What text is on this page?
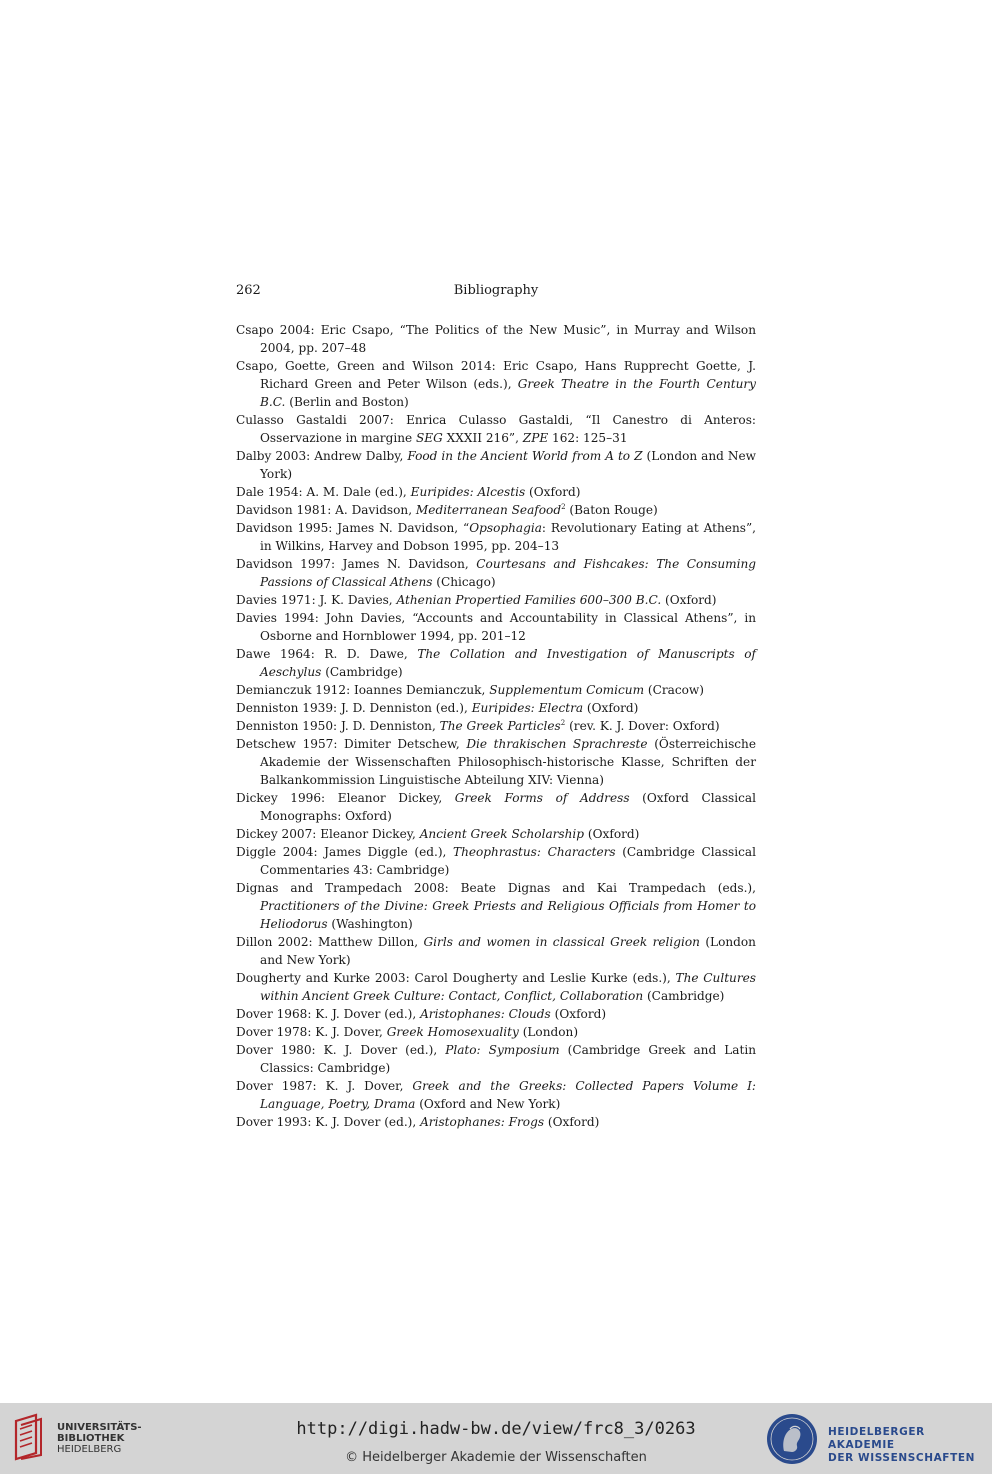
262	Bibliography
Csapo 2004: Eric Csapo, “The Politics of the New Music”, in Murray and Wilson 2004, pp. 207–48
Csapo, Goette, Green and Wilson 2014: Eric Csapo, Hans Rupprecht Goette, J. Richard Green and Peter Wilson (eds.), Greek Theatre in the Fourth Century B.C. (Berlin and Boston)
Culasso Gastaldi 2007: Enrica Culasso Gastaldi, “Il Canestro di Anteros: Osservazione in margine SEG XXXII 216”, ZPE 162: 125–31
Dalby 2003: Andrew Dalby, Food in the Ancient World from A to Z (London and New York)
Dale 1954: A. M. Dale (ed.), Euripides: Alcestis (Oxford)
Davidson 1981: A. Davidson, Mediterranean Seafood$^2$ (Baton Rouge)
Davidson 1995: James N. Davidson, “Opsophagia: Revolutionary Eating at Athens”, in Wilkins, Harvey and Dobson 1995, pp. 204–13
Davidson 1997: James N. Davidson, Courtesans and Fishcakes: The Consuming Passions of Classical Athens (Chicago)
Davies 1971: J. K. Davies, Athenian Propertied Families 600–300 B.C. (Oxford)
Davies 1994: John Davies, “Accounts and Accountability in Classical Athens”, in Osborne and Hornblower 1994, pp. 201–12
Dawe 1964: R. D. Dawe, The Collation and Investigation of Manuscripts of Aeschylus (Cambridge)
Demianczuk 1912: Ioannes Demianczuk, Supplementum Comicum (Cracow)
Denniston 1939: J. D. Denniston (ed.), Euripides: Electra (Oxford)
Denniston 1950: J. D. Denniston, The Greek Particles$^2$ (rev. K. J. Dover: Oxford)
Detschew 1957: Dimiter Detschew, Die thrakischen Sprachreste (Österreichische Akademie der Wissenschaften Philosophisch-historische Klasse, Schriften der Balkankommission Linguistische Abteilung XIV: Vienna)
Dickey 1996: Eleanor Dickey, Greek Forms of Address (Oxford Classical Monographs: Oxford)
Dickey 2007: Eleanor Dickey, Ancient Greek Scholarship (Oxford)
Diggle 2004: James Diggle (ed.), Theophrastus: Characters (Cambridge Classical Commentaries 43: Cambridge)
Dignas and Trampedach 2008: Beate Dignas and Kai Trampedach (eds.), Practitioners of the Divine: Greek Priests and Religious Officials from Homer to Heliodorus (Washington)
Dillon 2002: Matthew Dillon, Girls and women in classical Greek religion (London and New York)
Dougherty and Kurke 2003: Carol Dougherty and Leslie Kurke (eds.), The Cultures within Ancient Greek Culture: Contact, Conflict, Collaboration (Cambridge)
Dover 1968: K. J. Dover (ed.), Aristophanes: Clouds (Oxford)
Dover 1978: K. J. Dover, Greek Homosexuality (London)
Dover 1980: K. J. Dover (ed.), Plato: Symposium (Cambridge Greek and Latin Classics: Cambridge)
Dover 1987: K. J. Dover, Greek and the Greeks: Collected Papers Volume I: Language, Poetry, Drama (Oxford and New York)
Dover 1993: K. J. Dover (ed.), Aristophanes: Frogs (Oxford)
UNIVERSITÄTS-
BIBLIOTHEK
HEIDELBERG
http://digi.hadw-bw.de/view/frc8_3/0263
© Heidelberger Akademie der Wissenschaften
HEIDELBERGER AKADEMIE
DER WISSENSCHAFTEN
